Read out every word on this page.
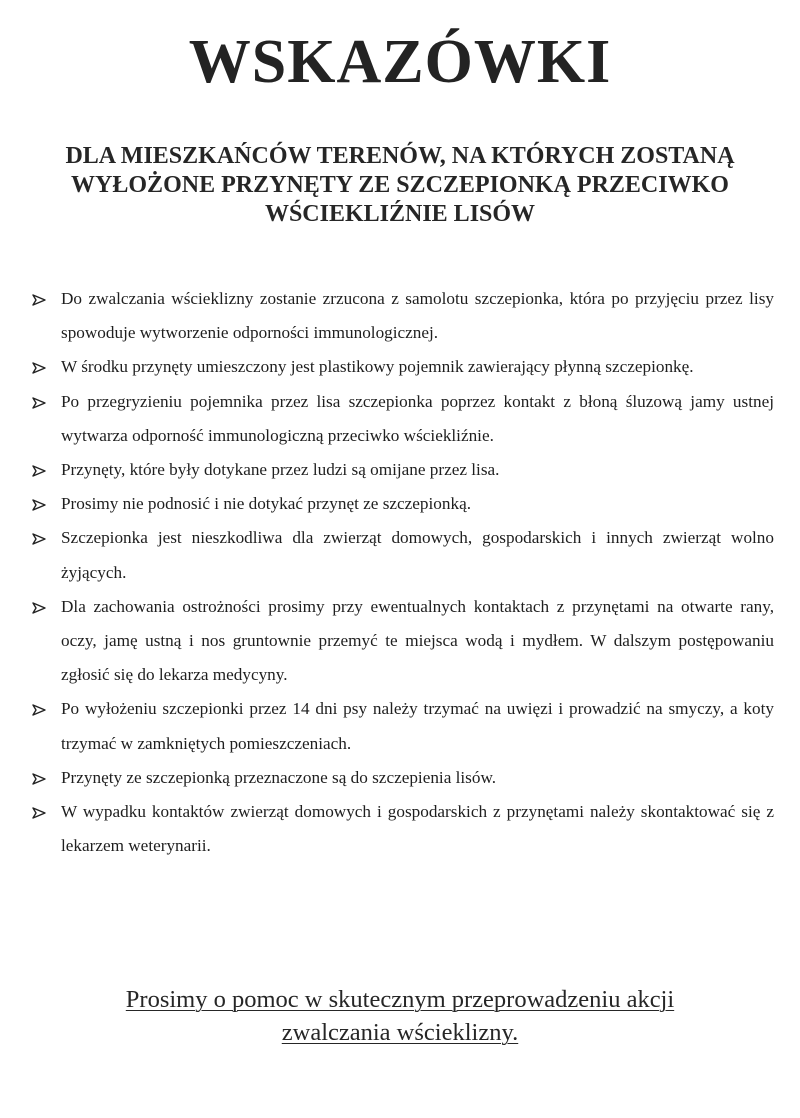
WSKAZÓWKI
DLA MIESZKAŃCÓW TERENÓW, NA KTÓRYCH ZOSTANĄ
WYŁOŻONE PRZYNĘTY ZE SZCZEPIONKĄ PRZECIWKO
WŚCIEKLIŹNIE LISÓW
Do zwalczania wścieklizny zostanie zrzucona z samolotu szczepionka, która po przyjęciu przez lisy spowoduje wytworzenie odporności immunologicznej.
W środku przynęty umieszczony jest plastikowy pojemnik zawierający płynną szczepionkę.
Po przegryzieniu pojemnika przez lisa szczepionka poprzez kontakt z błoną śluzową jamy ustnej wytwarza odporność immunologiczną przeciwko wściekliźnie.
Przynęty, które były dotykane przez ludzi są omijane przez lisa.
Prosimy nie podnosić i nie dotykać przynęt ze szczepionką.
Szczepionka jest nieszkodliwa dla zwierząt domowych, gospodarskich i innych zwierząt wolno żyjących.
Dla zachowania ostrożności prosimy przy ewentualnych kontaktach z przynętami na otwarte rany, oczy, jamę ustną i nos gruntownie przemyć te miejsca wodą i mydłem. W dalszym postępowaniu zgłosić się do lekarza medycyny.
Po wyłożeniu szczepionki przez 14 dni psy należy trzymać na uwięzi i prowadzić na smyczy, a koty trzymać w zamkniętych pomieszczeniach.
Przynęty ze szczepionką przeznaczone są do szczepienia lisów.
W wypadku kontaktów zwierząt domowych i gospodarskich z przynętami należy skontaktować się z lekarzem weterynarii.
Prosimy o pomoc w skutecznym przeprowadzeniu akcji
zwalczania wścieklizny.
